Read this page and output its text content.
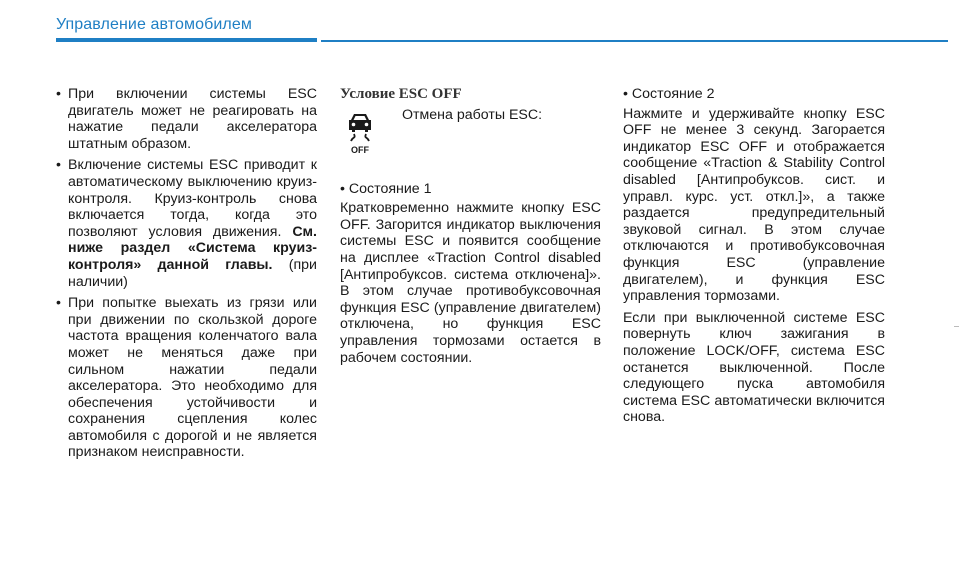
Управление автомобилем
• При включении системы ESC двигатель может не реагировать на нажатие педали акселератора штатным образом.
• Включение системы ESC приводит к автоматическому выключению круиз-контроля. Круиз-контроль снова включается тогда, когда это позволяют условия движения. См. ниже раздел «Система круиз-контроля» данной главы. (при наличии)
• При попытке выехать из грязи или при движении по скользкой дороге частота вращения коленчатого вала может не меняться даже при сильном нажатии педали акселератора. Это необходимо для обеспечения устойчивости и сохранения сцепления колес автомобиля с дорогой и не является признаком неисправности.
Условие ESC OFF
OFF
Отмена работы ESC:
• Состояние 1
Кратковременно нажмите кнопку ESC OFF. Загорится индикатор выключения системы ESC и появится сообщение на дисплее «Traction Control disabled [Антипробуксов. система отключена]». В этом случае противобуксовочная функция ESC (управление двигателем) отключена, но функция ESC управления тормозами остается в рабочем состоянии.
• Состояние 2
Нажмите и удерживайте кнопку ESC OFF не менее 3 секунд. Загорается индикатор ESC OFF и отображается сообщение «Traction & Stability Control disabled [Антипробуксов. сист. и управл. курс. уст. откл.]», а также раздается предупредительный звуковой сигнал. В этом случае отключаются и противобуксовочная функция ESC (управление двигателем), и функция ESC управления тормозами.
Если при выключенной системе ESC повернуть ключ зажигания в положение LOCK/OFF, система ESC останется выключенной. После следующего пуска автомобиля система ESC автоматически включится снова.
